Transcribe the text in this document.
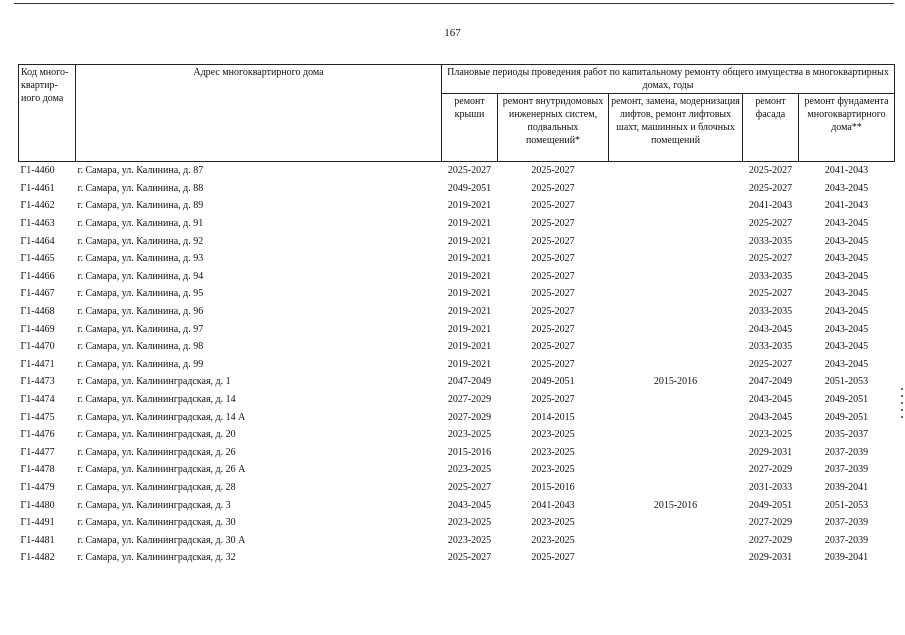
167
Код много-квартир-иого дома	Адрес многоквартирного дома	Плановые периоды проведения работ по капитальному ремонту общего имущества в многоквартирных домах, годы				
		ремонт крыши	ремонт внутридомовых инженерных систем, подвальных помещений*	ремонт, замена, модернизация лифтов, ремонт лифтовых шахт, машинных и блочных помещений	ремонт фасада	ремонт фундамента многоквартирного дома**
Г1-4460	г. Самара, ул. Калинина, д. 87	2025-2027	2025-2027		2025-2027	2041-2043
Г1-4461	г. Самара, ул. Калинина, д. 88	2049-2051	2025-2027		2025-2027	2043-2045
Г1-4462	г. Самара, ул. Калинина, д. 89	2019-2021	2025-2027		2041-2043	2041-2043
Г1-4463	г. Самара, ул. Калинина, д. 91	2019-2021	2025-2027		2025-2027	2043-2045
Г1-4464	г. Самара, ул. Калинина, д. 92	2019-2021	2025-2027		2033-2035	2043-2045
Г1-4465	г. Самара, ул. Калинина, д. 93	2019-2021	2025-2027		2025-2027	2043-2045
Г1-4466	г. Самара, ул. Калинина, д. 94	2019-2021	2025-2027		2033-2035	2043-2045
Г1-4467	г. Самара, ул. Калинина, д. 95	2019-2021	2025-2027		2025-2027	2043-2045
Г1-4468	г. Самара, ул. Калинина, д. 96	2019-2021	2025-2027		2033-2035	2043-2045
Г1-4469	г. Самара, ул. Калинина, д. 97	2019-2021	2025-2027		2043-2045	2043-2045
Г1-4470	г. Самара, ул. Калинина, д. 98	2019-2021	2025-2027		2033-2035	2043-2045
Г1-4471	г. Самара, ул. Калинина, д. 99	2019-2021	2025-2027		2025-2027	2043-2045
Г1-4473	г. Самара, ул. Калининградская, д. 1	2047-2049	2049-2051	2015-2016	2047-2049	2051-2053
Г1-4474	г. Самара, ул. Калининградская, д. 14	2027-2029	2025-2027		2043-2045	2049-2051
Г1-4475	г. Самара, ул. Калининградская, д. 14 А	2027-2029	2014-2015		2043-2045	2049-2051
Г1-4476	г. Самара, ул. Калининградская, д. 20	2023-2025	2023-2025		2023-2025	2035-2037
Г1-4477	г. Самара, ул. Калининградская, д. 26	2015-2016	2023-2025		2029-2031	2037-2039
Г1-4478	г. Самара, ул. Калининградская, д. 26 А	2023-2025	2023-2025		2027-2029	2037-2039
Г1-4479	г. Самара, ул. Калининградская, д. 28	2025-2027	2015-2016		2031-2033	2039-2041
Г1-4480	г. Самара, ул. Калининградская, д. 3	2043-2045	2041-2043	2015-2016	2049-2051	2051-2053
Г1-4491	г. Самара, ул. Калининградская, д. 30	2023-2025	2023-2025		2027-2029	2037-2039
Г1-4481	г. Самара, ул. Калининградская, д. 30 А	2023-2025	2023-2025		2027-2029	2037-2039
Г1-4482	г. Самара, ул. Калининградская, д. 32	2025-2027	2025-2027		2029-2031	2039-2041
